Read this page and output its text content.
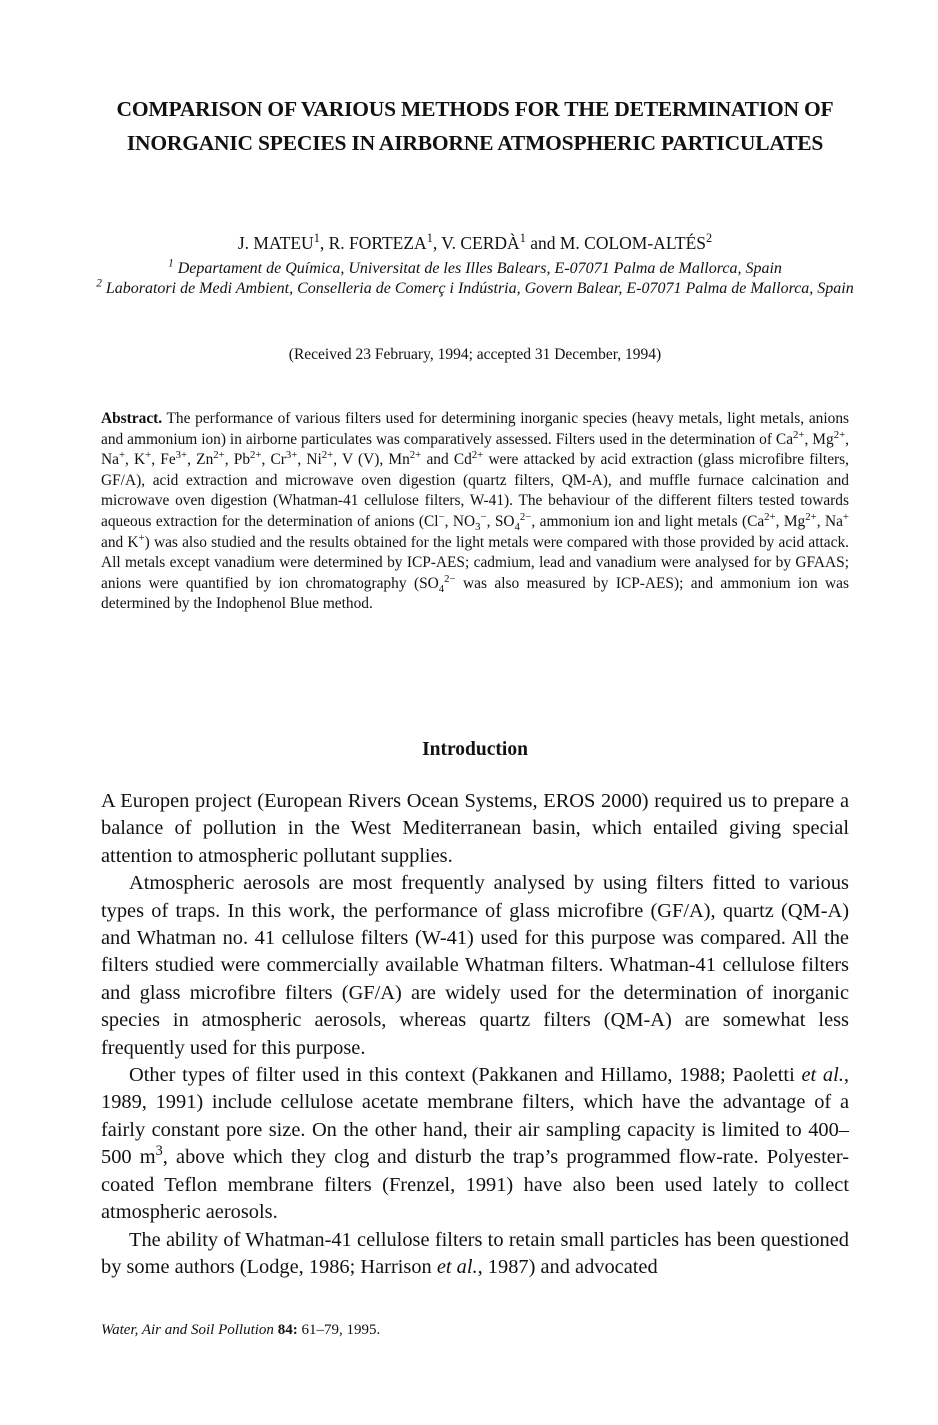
COMPARISON OF VARIOUS METHODS FOR THE DETERMINATION OF INORGANIC SPECIES IN AIRBORNE ATMOSPHERIC PARTICULATES
J. MATEU$^1$, R. FORTEZA$^1$, V. CERDÀ$^1$ and M. COLOM-ALTÉS$^2$
$^1$ Departament de Química, Universitat de les Illes Balears, E-07071 Palma de Mallorca, Spain
$^2$ Laboratori de Medi Ambient, Conselleria de Comerç i Indústria, Govern Balear, E-07071 Palma de Mallorca, Spain
(Received 23 February, 1994; accepted 31 December, 1994)
Abstract. The performance of various filters used for determining inorganic species (heavy metals, light metals, anions and ammonium ion) in airborne particulates was comparatively assessed. Filters used in the determination of $Ca^{2+}$, $Mg^{2+}$, Na+, K+, $Fe^{3+}$, $Zn^{2+}$, $Pb^{2+}$, $Cr^{3+}$, $Ni^{2+}$, V (V), $Mn^{2+}$ and $Cd^{2+}$ were attacked by acid extraction (glass microfibre filters, GF/A), acid extraction and microwave oven digestion (quartz filters, QM-A), and muffle furnace calcination and microwave oven digestion (Whatman-41 cellulose filters, W-41). The behaviour of the different filters tested towards aqueous extraction for the determination of anions (Cl−, $NO_3^-$, $SO_4^{2-}$, ammonium ion and light metals ($Ca^{2+}$, $Mg^{2+}$, Na+ and K+) was also studied and the results obtained for the light metals were compared with those provided by acid attack. All metals except vanadium were determined by ICP-AES; cadmium, lead and vanadium were analysed for by GFAAS; anions were quantified by ion chromatography ($SO_4^{2-}$ was also measured by ICP-AES); and ammonium ion was determined by the Indophenol Blue method.
Introduction

A Europen project (European Rivers Ocean Systems, EROS 2000) required us to prepare a balance of pollution in the West Mediterranean basin, which entailed giving special attention to atmospheric pollutant supplies.

Atmospheric aerosols are most frequently analysed by using filters fitted to various types of traps. In this work, the performance of glass microfibre (GF/A), quartz (QM-A) and Whatman no. 41 cellulose filters (W-41) used for this purpose was compared. All the filters studied were commercially available Whatman filters. Whatman-41 cellulose filters and glass microfibre filters (GF/A) are widely used for the determination of inorganic species in atmospheric aerosols, whereas quartz filters (QM-A) are somewhat less frequently used for this purpose.

Other types of filter used in this context (Pakkanen and Hillamo, 1988; Paoletti et al., 1989, 1991) include cellulose acetate membrane filters, which have the advantage of a fairly constant pore size. On the other hand, their air sampling capacity is limited to 400–500 $m^3$, above which they clog and disturb the trap’s programmed flow-rate. Polyester-coated Teflon membrane filters (Frenzel, 1991) have also been used lately to collect atmospheric aerosols.

The ability of Whatman-41 cellulose filters to retain small particles has been questioned by some authors (Lodge, 1986; Harrison et al., 1987) and advocated

Water, Air and Soil Pollution 84: 61–79, 1995.
